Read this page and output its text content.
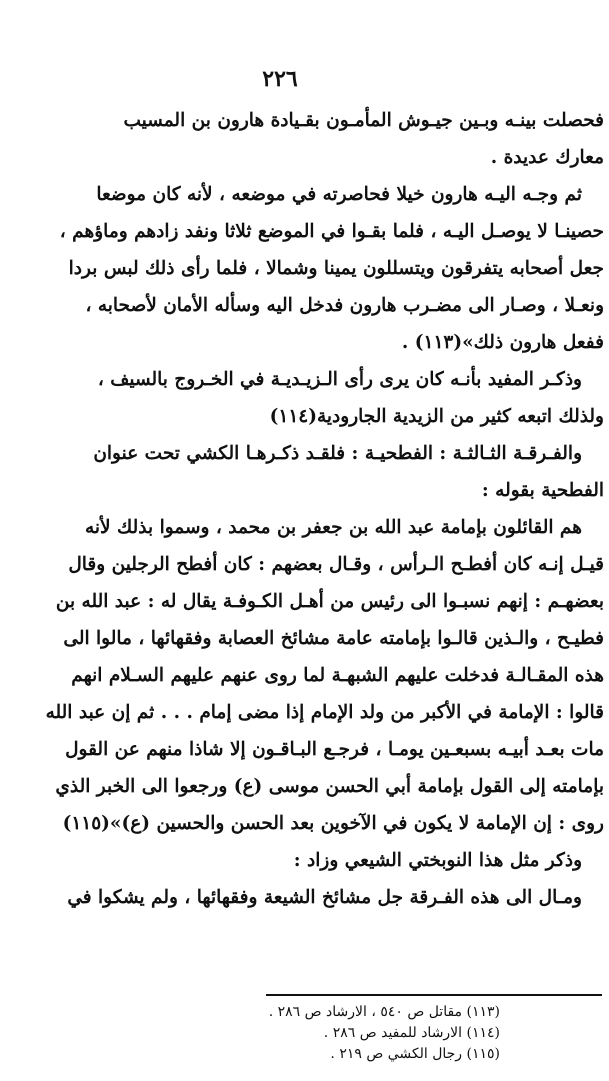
٢٢٦
فحصلت بينـه وبـين جيـوش المأمـون بقـيادة هارون بن المسيب
معارك عديدة .
ثم وجـه اليـه هارون خيلا فحاصرته في موضعه ، لأنه كان موضعا
حصينـا لا يوصـل اليـه ، فلما بقـوا في الموضع ثلاثا ونفد زادهم وماؤهم ،
جعل أصحابه يتفرقون ويتسللون يمينا وشمالا ، فلما رأى ذلك لبس بردا
ونعـلا ، وصـار الى مضـرب هارون فدخل اليه وسأله الأمان لأصحابه ،
ففعل هارون ذلك»(١١٣) .
وذكـر المفيد بأنـه كان يرى رأى الـزيـديـة في الخـروج بالسيف ،
ولذلك اتبعه كثير من الزيدية الجارودية(١١٤)
والفـرقـة الثـالثـة : الفطحيـة : فلقـد ذكـرهـا الكشي تحت عنوان
الفطحية بقوله :
هم القائلون بإمامة عبد الله بن جعفر بن محمد ، وسموا بذلك لأنه
قيـل إنـه كان أفطـح الـرأس ، وقـال بعضهم : كان أفطح الرجلين وقال
بعضهـم : إنهم نسبـوا الى رئيس من أهـل الكـوفـة يقال له : عبد الله بن
فطيـح ، والـذين قالـوا بإمامته عامة مشائخ العصابة وفقهائها ، مالوا الى
هذه المقـالـة فدخلت عليهم الشبهـة لما روى عنهم عليهم السـلام انهم
قالوا : الإمامة في الأكبر من ولد الإمام إذا مضى إمام . . . ثم إن عبد الله
مات بعـد أبيـه بسبعـين يومـا ، فرجـع البـاقـون إلا شاذا منهم عن القول
بإمامته إلى القول بإمامة أبي الحسن موسى (ع) ورجعوا الى الخبر الذي
روى : إن الإمامة لا يكون في الآخوين بعد الحسن والحسين (ع)»(١١٥)
وذكر مثل هذا النوبختي الشيعي وزاد :
ومـال الى هذه الفـرقة جل مشائخ الشيعة وفقهائها ، ولم يشكوا في
(١١٣) مقاتل ص ٥٤٠ ، الارشاد ص ٢٨٦ .
(١١٤) الارشاد للمفيد ص ٢٨٦ .
(١١٥) رجال الكشي ص ٢١٩ .
